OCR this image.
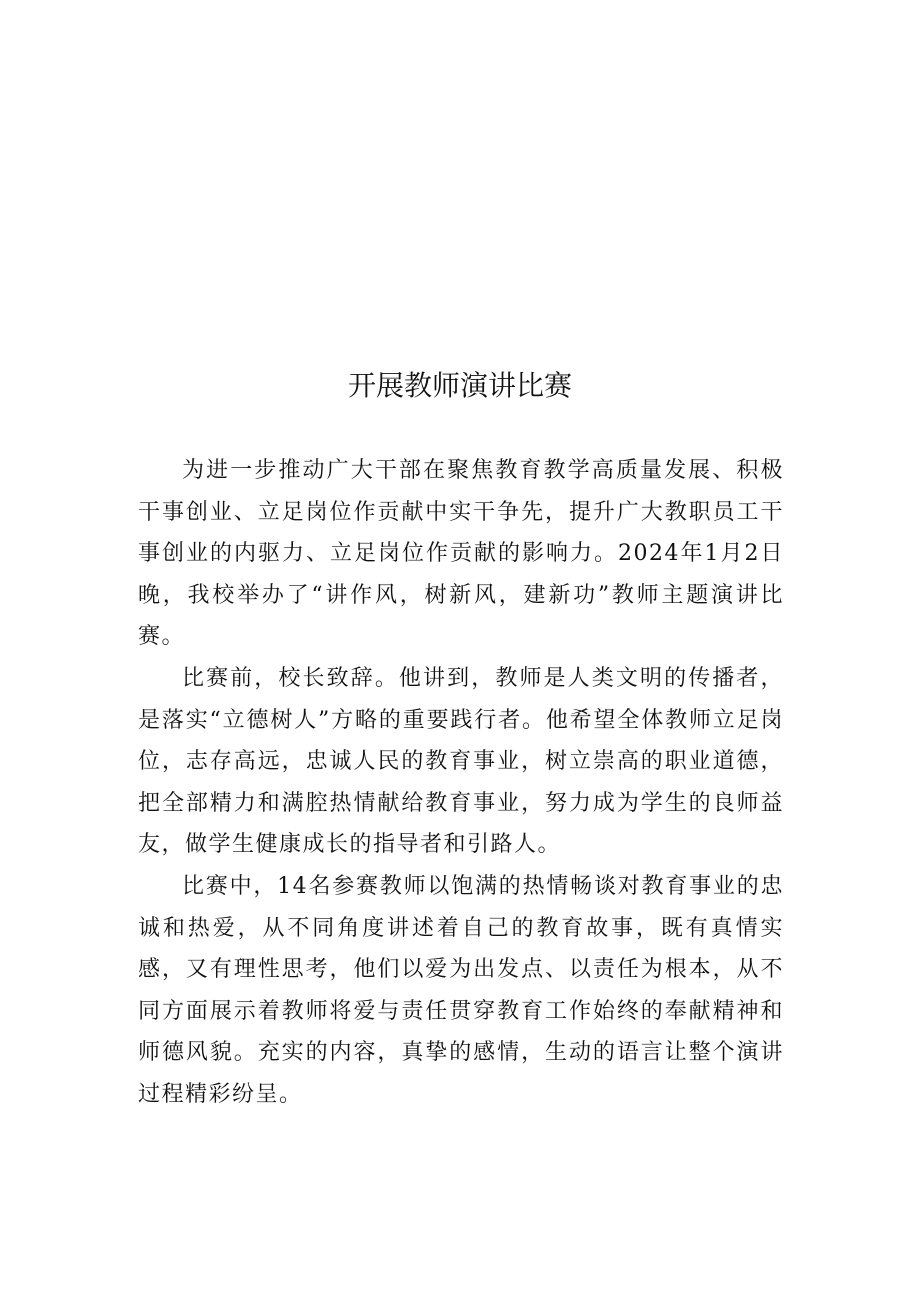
开展教师演讲比赛

为进一步推动广大干部在聚焦教育教学高质量发展、积极干事创业、立足岗位作贡献中实干争先，提升广大教职员工干事创业的内驱力、立足岗位作贡献的影响力。2024年1月2日晚，我校举办了“讲作风，树新风，建新功”教师主题演讲比赛。

比赛前，校长致辞。他讲到，教师是人类文明的传播者，是落实“立德树人”方略的重要践行者。他希望全体教师立足岗位，志存高远，忠诚人民的教育事业，树立崇高的职业道德，把全部精力和满腔热情献给教育事业，努力成为学生的良师益友，做学生健康成长的指导者和引路人。

比赛中，14名参赛教师以饱满的热情畅谈对教育事业的忠诚和热爱，从不同角度讲述着自己的教育故事，既有真情实感，又有理性思考，他们以爱为出发点、以责任为根本，从不同方面展示着教师将爱与责任贯穿教育工作始终的奉献精神和师德风貌。充实的内容，真挚的感情，生动的语言让整个演讲过程精彩纷呈。
